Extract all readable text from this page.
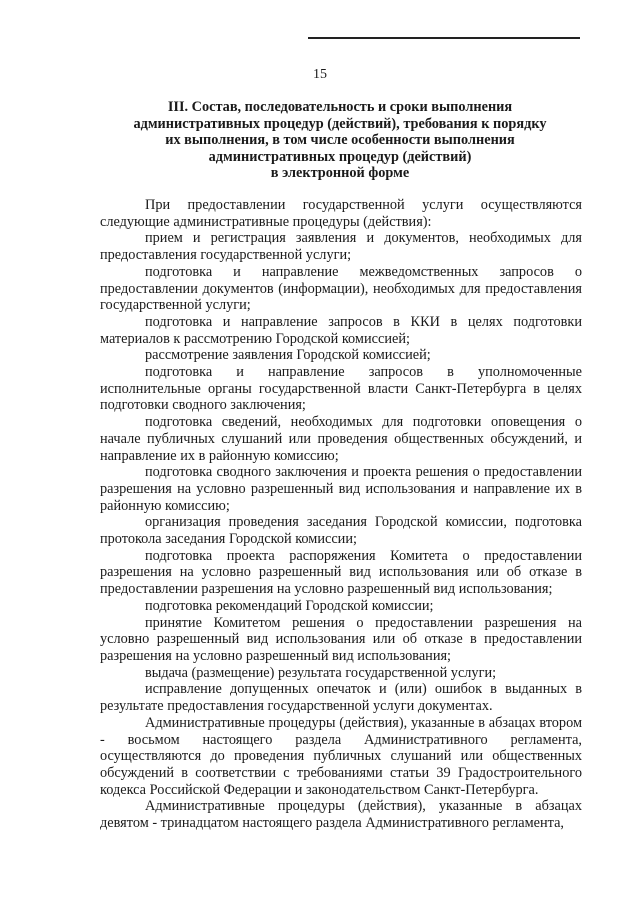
15
III. Состав, последовательность и сроки выполнения
административных процедур (действий), требования к порядку
их выполнения, в том числе особенности выполнения
административных процедур (действий)
в электронной форме

При предоставлении государственной услуги осуществляются следующие административные процедуры (действия):

прием и регистрация заявления и документов, необходимых для предоставления государственной услуги;

подготовка и направление межведомственных запросов о предоставлении документов (информации), необходимых для предоставления государственной услуги;

подготовка и направление запросов в ККИ в целях подготовки материалов к рассмотрению Городской комиссией;

рассмотрение заявления Городской комиссией;

подготовка и направление запросов в уполномоченные исполнительные органы государственной власти Санкт-Петербурга в целях подготовки сводного заключения;

подготовка сведений, необходимых для подготовки оповещения о начале публичных слушаний или проведения общественных обсуждений, и направление их в районную комиссию;

подготовка сводного заключения и проекта решения о предоставлении разрешения на условно разрешенный вид использования и направление их в районную комиссию;

организация проведения заседания Городской комиссии, подготовка протокола заседания Городской комиссии;

подготовка проекта распоряжения Комитета о предоставлении разрешения на условно разрешенный вид использования или об отказе в предоставлении разрешения на условно разрешенный вид использования;

подготовка рекомендаций Городской комиссии;

принятие Комитетом решения о предоставлении разрешения на условно разрешенный вид использования или об отказе в предоставлении разрешения на условно разрешенный вид использования;

выдача (размещение) результата государственной услуги;

исправление допущенных опечаток и (или) ошибок в выданных в результате предоставления государственной услуги документах.

Административные процедуры (действия), указанные в абзацах втором - восьмом настоящего раздела Административного регламента, осуществляются до проведения публичных слушаний или общественных обсуждений в соответствии с требованиями статьи 39 Градостроительного кодекса Российской Федерации и законодательством Санкт-Петербурга.

Административные процедуры (действия), указанные в абзацах девятом - тринадцатом настоящего раздела Административного регламента,
